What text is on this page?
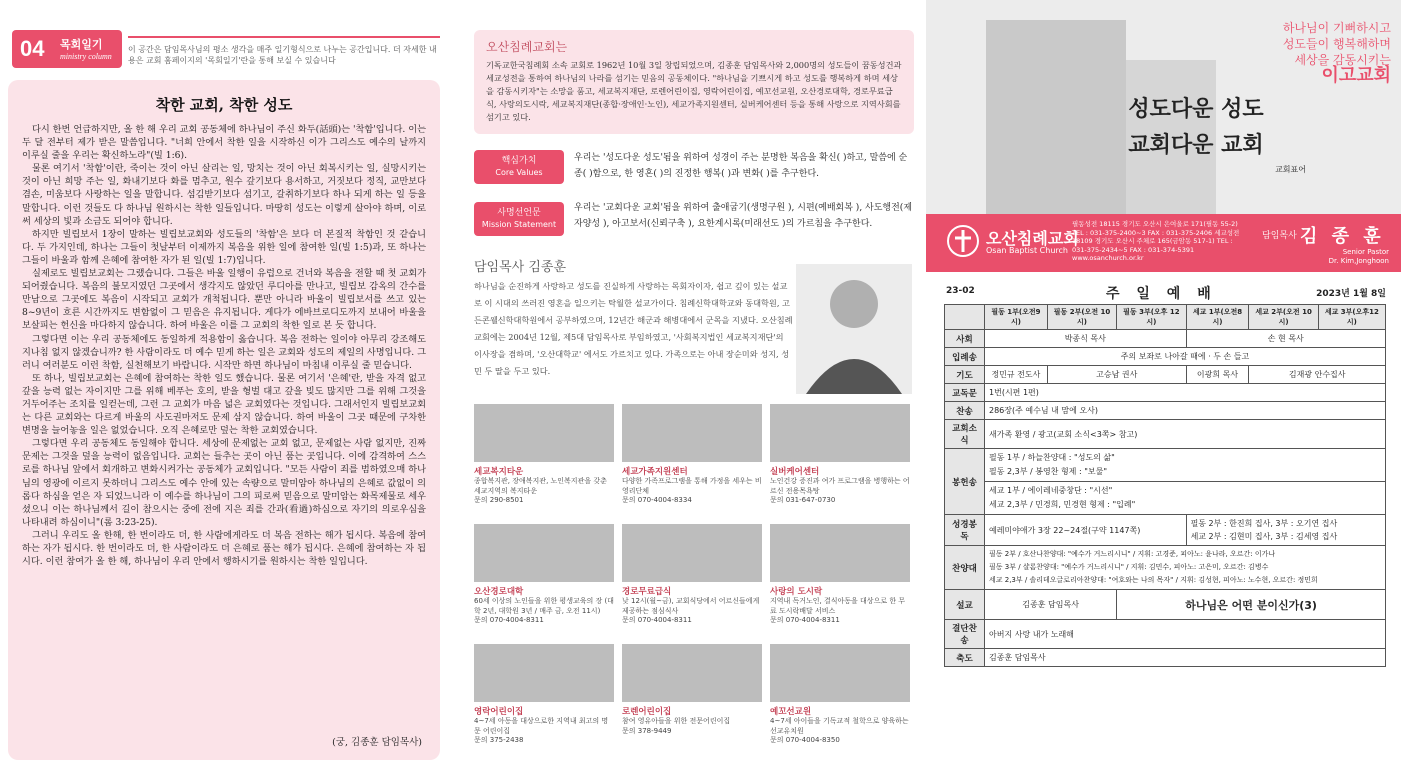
04 목회일기
ministry column
이 공간은 담임목사님의 평소 생각을 매주 일기형식으로 나누는 공간입니다. 더 자세한 내용은 교회 홈페이지의 '목회일기'란을 통해 보실 수 있습니다
착한 교회, 착한 성도

다시 한번 언급하지만, 올 한 해 우리 교회 공동체에 하나님이 주신 화두(話頭)는 '착함'입니다. 이는 두 달 전부터 제가 받은 말씀입니다. "너희 안에서 착한 일을 시작하신 이가 그리스도 예수의 날까지 이루실 줄을 우리는 확신하노라"(빌 1:6).

물론 여기서 '착함'이란, 죽이는 것이 아닌 살리는 일, 망치는 것이 아닌 회복시키는 일, 실망시키는 것이 아닌 희망 주는 일, 화내기보다 화를 멈추고, 원수 갚기보다 용서하고, 거짓보다 정직, 교만보다 겸손, 미움보다 사랑하는 일을 말합니다. 섬김받기보다 섬기고, 갈취하기보다 하나 되게 하는 일 등을 말합니다. 이런 것들도 다 하나님 원하시는 착한 일들입니다. 마땅히 성도는 이렇게 살아야 하며, 이로써 세상의 빛과 소금도 되어야 합니다.

하지만 빌립보서 1장이 말하는 빌립보교회와 성도들의 '착함'은 보다 더 본질적 착함인 것 같습니다. 두 가지인데, 하나는 그들이 첫날부터 이제까지 복음을 위한 일에 참여한 일(빌 1:5)과, 또 하나는 그들이 바울과 함께 은혜에 참여한 자가 된 일(빌 1:7)입니다.

실제로도 빌립보교회는 그랬습니다. 그들은 바울 일행이 유럽으로 건너와 복음을 전할 때 첫 교회가 되어줬습니다. 복음의 불모지였던 그곳에서 생각지도 않았던 루디아를 만나고, 빌립보 감옥의 간수를 만남으로 그곳에도 복음이 시작되고 교회가 개척됩니다. 뿐만 아니라 바울이 빌립보서를 쓰고 있는 8~9년이 흐른 시간까지도 변함없이 그 믿음은 유지됩니다. 게다가 에바브로디도까지 보내어 바울을 보살피는 헌신을 마다하지 않습니다. 하여 바울은 이를 그 교회의 착한 일로 본 듯 합니다.

그렇다면 이는 우리 공동체에도 동일하게 적용함이 옳습니다. 복음 전하는 일이야 아무리 강조해도 지나침 없지 않겠습니까? 한 사람이라도 더 예수 믿게 하는 일은 교회와 성도의 제일의 사명입니다. 그러니 여러분도 이런 착함, 실천해보기 바랍니다. 시작만 하면 하나님이 마침내 이루실 줄 믿습니다.

또 하나, 빌립보교회는 은혜에 참여하는 착한 일도 했습니다. 물론 여기서 '은혜'란, 받을 자격 없고 갚을 능력 없는 자이지만 그를 위해 베푸는 호의, 받을 형벌 대고 갚을 빚도 많지만 그를 위해 그것을 거두어주는 조치를 일컫는데, 그런 그 교회가 마음 넓은 교회였다는 것입니다. 그래서인지 빌립보교회는 다른 교회와는 다르게 바울의 사도권마저도 문제 삼지 않습니다. 하여 바울이 그곳 때문에 구차한 변명을 늘어놓을 일은 없었습니다. 오직 은혜로만 덮는 착한 교회였습니다.

그렇다면 우리 공동체도 동일해야 합니다. 세상에 문제없는 교회 없고, 문제없는 사람 없지만, 진짜 문제는 그것을 덮을 능력이 없음입니다. 교회는 들추는 곳이 아닌 품는 곳입니다. 이에 감격하여 스스로를 하나님 앞에서 회개하고 변화시켜가는 공동체가 교회입니다. "모든 사람이 죄를 범하였으매 하나님의 영광에 이르지 못하더니 그리스도 예수 안에 있는 속량으로 말미암아 하나님의 은혜로 값없이 의롭다 하심을 얻은 자 되었느니라 이 예수를 하나님이 그의 피로써 믿음으로 말미암는 화목제물로 세우셨으니 이는 하나님께서 길이 참으시는 중에 전에 지은 죄를 간과(看過)하심으로 자기의 의로우심을 나타내려 하심이니"(롬 3:23-25).

그러니 우리도 올 한해, 한 번이라도 더, 한 사람에게라도 더 복음 전하는 해가 됩시다. 복음에 참여하는 자가 됩시다. 한 번이라도 더, 한 사람이라도 더 은혜로 품는 해가 됩시다. 은혜에 참여하는 자 됩시다. 이런 참여가 올 한 해, 하나님이 우리 안에서 행하시기를 원하시는 착한 일입니다.

(궁, 김종훈 담임목사)
오산침례교회는

기독교한국침례회 소속 교회로 1962년 10월 3일 창립되었으며, 김종훈 담임목사와 2,000명의 성도들이 꿈동성건과 세교성전을 통하여 하나님의 나라를 섬기는 믿음의 공동체이다. "하나님을 기쁘시게 하고 성도를 행복하게 하며 세상을 감동시키자"는 소망을 품고, 세교복지재단, 로렌어린이집, 영락어린이집, 예꼬선교원, 오산경로대학, 경로무료급식, 사랑의도시락, 세교복지재단(종합·장애인·노인), 세교가족지원센터, 실버케어센터 등을 통해 사랑으로 지역사회를 섬기고 있다.

핵심가치
Core Values
우리는 '성도다운 성도'됨을 위하여 성경이 주는 분명한 복음을 확신( )하고, 말씀에 순종( )함으로, 한 영혼( )의 진정한 행복( )과 변화( )를 추구한다.
사명선언문
Mission Statement
우리는 '교회다운 교회'됨을 위하여 출애굽기(생명구원 ), 시편(예배회복 ), 사도행전(제자양성 ), 아고보서(신뢰구축 ), 요한계시록(미래선도 )의 가르침을 추구한다.
담임목사 김종훈
하나님을 순진하게 사랑하고 성도를 진실하게 사랑하는 목회자이자, 쉽고 깊이 있는 설교로 이 시대의 쓰러진 영혼을 일으키는 탁월한 설교가이다. 침례신학대학교와 동대학원, 고든콘웰신학대학원에서 공부하였으며, 12년간 해군과 해병대에서 군목을 지냈다. 오산침례교회에는 2004년 12월, 제5대 담임목사로 부임하였고, '사회복지법인 세교복지재단'의 이사장을 겸하며, '오산대학교' 에서도 가르치고 있다. 가족으로는 아내 장순미와 성지, 성민 두 딸을 두고 있다.
세교복지타운
종합복지관, 장애복지관, 노인복지관을 갖춘 세교지역의 복지타운
문의 290-8501
세교가족지원센터
다양한 가족프로그램을 통해 가정을 세우는 비영리단체
문의 070-4004-8334
실버케어센터
노인건강 증진과 여가 프로그램을 병행하는 어르신 전용목욕탕
문의 031-647-0730
오산경로대학
60세 이상의 노인들을 위한 평생교육의 장 (대학 2년, 대학원 3년 / 매주 금, 오전 11시)
문의 070-4004-8311
경로무료급식
낮 12시(월~금), 교회식당에서 어르신들에게 제공하는 점심식사
문의 070-4004-8311
사랑의 도시락
지역내 독거노인, 결식아동을 대상으로 한 무료 도시락배달 서비스
문의 070-4004-8311
영락어린이집
4~7세 아동을 대상으로한 지역내 최고의 명문 어린이집
문의 375-2438
로렌어린이집
참여 영유아들을 위한 전문어린이집
문의 378-9449
예꼬선교원
4~7세 아이들을 기독교적 철학으로 양육하는 선교유치원
문의 070-4004-8350
하나님이 기뻐하시고
성도들이 행복해하며
세상을 감동시키는
이고교회
성도다운 성도
교회다운 교회
교회표어
오산침례교회
Osan Baptist Church
필동성전 18115 경기도 오산시 은여울로 171(필동 55-2) TEL : 031-375-2400~3 FAX : 031-375-2406 세교성전 18109 경기도 오산시 주체로 165(금암동 517-1) TEL : 031-375-2434~5 FAX : 031-374-5391 www.osanchurch.or.kr
담임목사 김 종 훈
Senior Pastor
Dr. Kim,Jonghoon
23-02	주 일 예 배	2023년 1월 8일
	필동 1부(오전9시)	필동 2부(오전 10시)	필동 3부(오후 12시)	세교 1부(오전8시)	세교 2부(오전 10시)	세교 3부(오후12시)
사회	박종식 목사			손 현 목사		
입례송	주의 보좌로 나아갈 때에 · 두 손 들고					
기도	정민규 전도사	고승남 권사		이광희 목사	김재광 안수집사	
교독문	1번(시편 1편)					
찬송	286장(주 예수님 내 맘에 오사)					
교회소식	새가족 환영 / 광고(교회 소식<3쪽> 참고)					
봉헌송	필동 1부 / 하늘찬양대 : "성도의 삶"
필동 2,3부 / 봉영찬 형제 : "보물"					

	세교 1부 / 에이레네중창단 : "시선"
세교 2,3부 / 민경희, 민경현 형제 : "입례"					

성경봉독	예레미야애가 3장 22~24절(구약 1147쪽)			필동 2부 : 한진희 집사, 3부 : 오기연 집사
세교 2부 : 김현미 집사, 3부 : 김세영 집사		

찬양대	필동 2부 / 호산나찬양대: "예수가 거느리시니" / 지휘: 고경준, 피아노: 윤나라, 오르간: 이가나
필동 3부 / 샬롬찬양대: "예수가 거느리시니" / 지휘: 김민수, 피아노: 고은미, 오르간: 김병수
세교 2,3부 / 솔리데오글로리아찬양대: "여호와는 나의 목자" / 지휘: 김성현, 피아노: 노수현, 오르간: 정민희					

설교	김종훈 담임목사		하나님은 어떤 분이신가(3)			
결단찬송	아버지 사랑 내가 노래해					
축도	김종훈 담임목사					
